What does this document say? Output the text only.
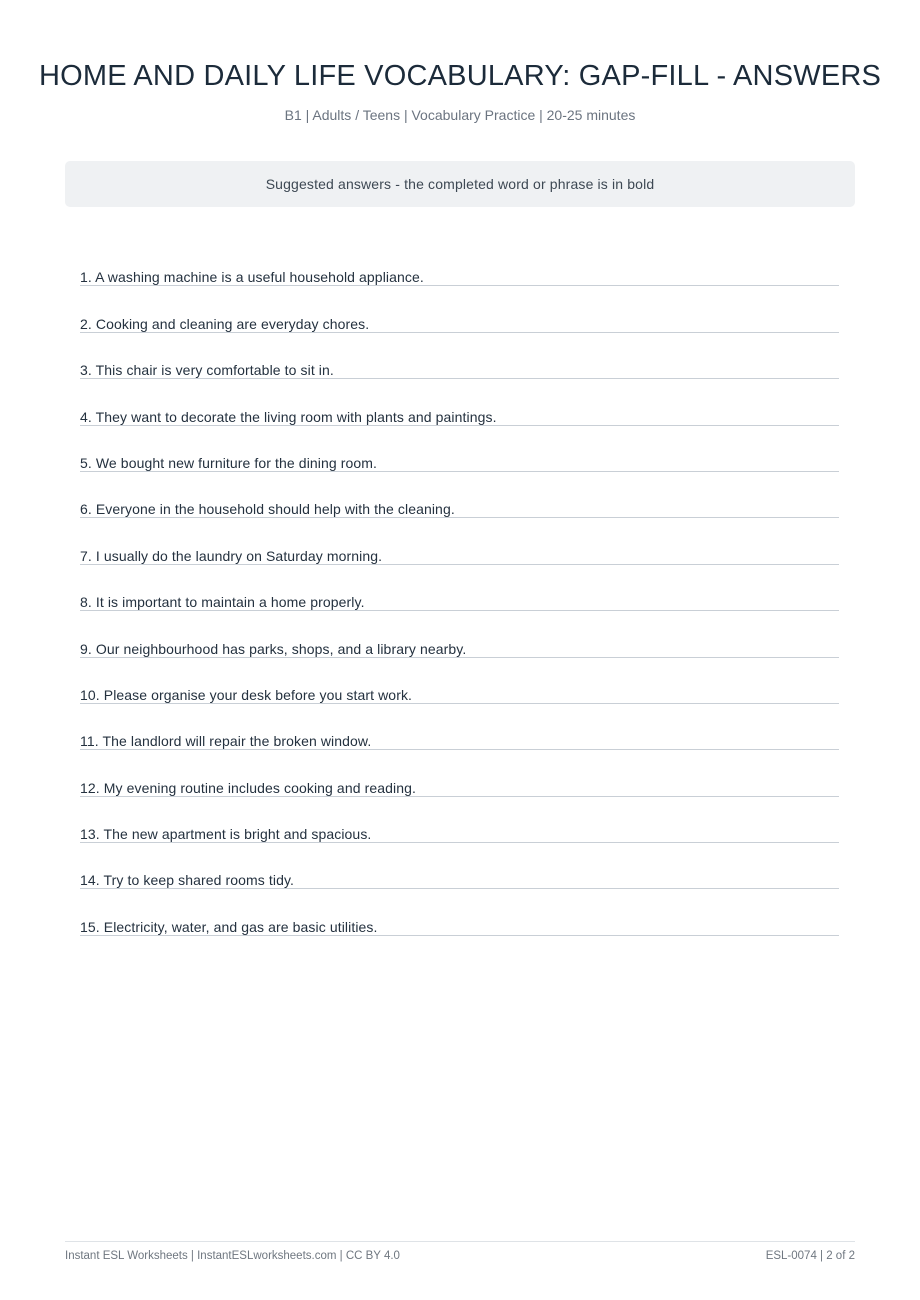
HOME AND DAILY LIFE VOCABULARY: GAP-FILL - ANSWERS
B1 | Adults / Teens | Vocabulary Practice | 20-25 minutes
Suggested answers - the completed word or phrase is in bold
1. A washing machine is a useful household appliance.
2. Cooking and cleaning are everyday chores.
3. This chair is very comfortable to sit in.
4. They want to decorate the living room with plants and paintings.
5. We bought new furniture for the dining room.
6. Everyone in the household should help with the cleaning.
7. I usually do the laundry on Saturday morning.
8. It is important to maintain a home properly.
9. Our neighbourhood has parks, shops, and a library nearby.
10. Please organise your desk before you start work.
11. The landlord will repair the broken window.
12. My evening routine includes cooking and reading.
13. The new apartment is bright and spacious.
14. Try to keep shared rooms tidy.
15. Electricity, water, and gas are basic utilities.
Instant ESL Worksheets | InstantESLworksheets.com | CC BY 4.0	ESL-0074 | 2 of 2
